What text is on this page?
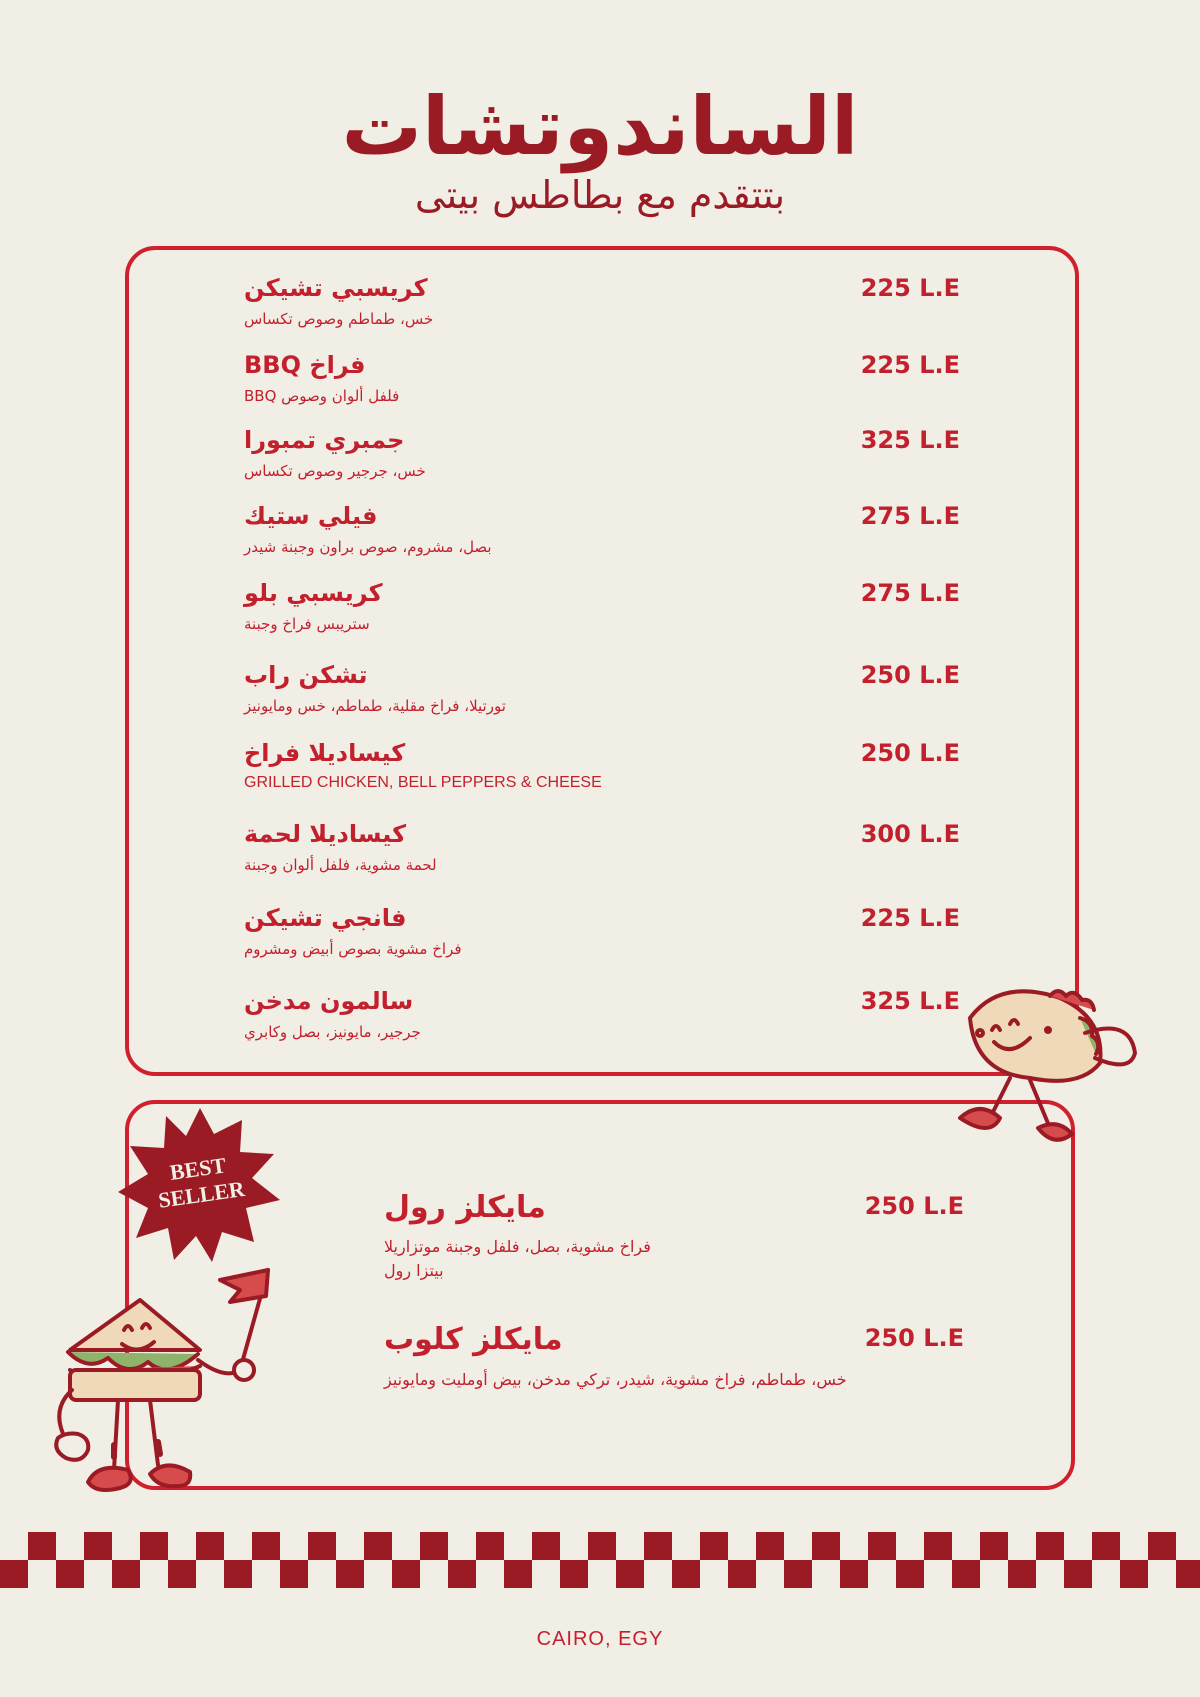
الساندوتشات
بتتقدم مع بطاطس بيتى
كريسبي تشيكن
خس، طماطم وصوص تكساس
225 L.E
فراخ BBQ
BBQ فلفل ألوان وصوص
225 L.E
جمبري تمبورا
خس، جرجير وصوص تكساس
325 L.E
فيلي ستيك
بصل، مشروم، صوص براون وجبنة شيدر
275 L.E
كريسبي بلو
ستريبس فراخ وجبنة
275 L.E
تشكن راب
تورتيلا، فراخ مقلية، طماطم، خس ومايونيز
250 L.E
كيساديلا فراخ
GRILLED CHICKEN, BELL PEPPERS & CHEESE
250 L.E
كيساديلا لحمة
لحمة مشوية، فلفل ألوان وجبنة
300 L.E
فانجي تشيكن
فراخ مشوية بصوص أبيض ومشروم
225 L.E
سالمون مدخن
جرجير، مايونيز، بصل وكابري
325 L.E
مايكلز رول
فراخ مشوية، بصل، فلفل وجبنة موتزاريلا
بيتزا رول
250 L.E
مايكلز كلوب
خس، طماطم، فراخ مشوية، شيدر، تركي مدخن، بيض أومليت ومايونيز
250 L.E
BEST
SELLER
CAIRO, EGY
